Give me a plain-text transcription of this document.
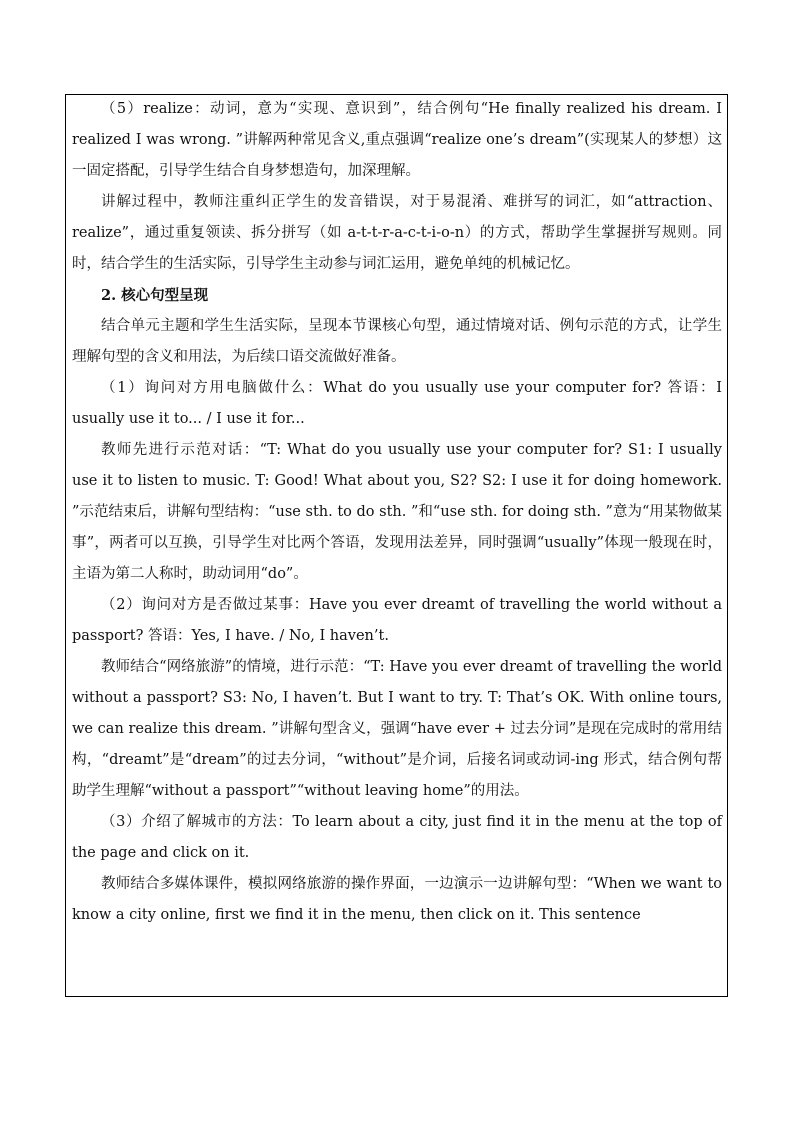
（5）realize：动词，意为“实现、意识到”，结合例句“He finally realized his dream. I realized I was wrong. ”讲解两种常见含义,重点强调“realize one’s dream”(实现某人的梦想）这一固定搭配，引导学生结合自身梦想造句，加深理解。

讲解过程中，教师注重纠正学生的发音错误，对于易混淆、难拼写的词汇，如“attraction、realize”，通过重复领读、拆分拼写（如 a-t-t-r-a-c-t-i-o-n）的方式，帮助学生掌握拼写规则。同时，结合学生的生活实际，引导学生主动参与词汇运用，避免单纯的机械记忆。

2. 核心句型呈现

结合单元主题和学生生活实际，呈现本节课核心句型，通过情境对话、例句示范的方式，让学生理解句型的含义和用法，为后续口语交流做好准备。

（1）询问对方用电脑做什么：What do you usually use your computer for? 答语：I usually use it to... / I use it for...

教师先进行示范对话：“T: What do you usually use your computer for? S1: I usually use it to listen to music. T: Good! What about you, S2? S2: I use it for doing homework. ”示范结束后，讲解句型结构：“use sth. to do sth. ”和“use sth. for doing sth. ”意为“用某物做某事”，两者可以互换，引导学生对比两个答语，发现用法差异，同时强调“usually”体现一般现在时，主语为第二人称时，助动词用“do”。

（2）询问对方是否做过某事：Have you ever dreamt of travelling the world without a passport? 答语：Yes, I have. / No, I haven’t.

教师结合“网络旅游”的情境，进行示范：“T: Have you ever dreamt of travelling the world without a passport? S3: No, I haven’t. But I want to try. T: That’s OK. With online tours, we can realize this dream. ”讲解句型含义，强调“have ever + 过去分词”是现在完成时的常用结构，“dreamt”是“dream”的过去分词，“without”是介词，后接名词或动词-ing 形式，结合例句帮助学生理解“without a passport”“without leaving home”的用法。

（3）介绍了解城市的方法：To learn about a city, just find it in the menu at the top of the page and click on it.

教师结合多媒体课件，模拟网络旅游的操作界面，一边演示一边讲解句型：“When we want to know a city online, first we find it in the menu, then click on it. This sentence
